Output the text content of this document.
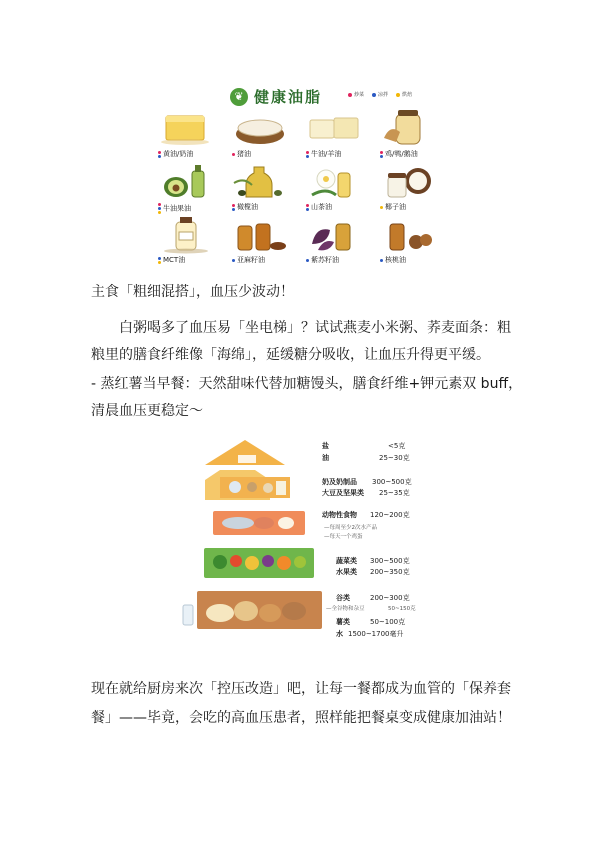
❦ 健康油脂	炒菜	凉拌	烘焙
黄油/奶油	猪油	牛油/羊油	鸡/鸭/鹅油
牛油果油	橄榄油	山茶油	椰子油
MCT油	亚麻籽油	紫苏籽油	核桃油
主食「粗细混搭」，血压少波动！
白粥喝多了血压易「坐电梯」？试试燕麦小米粥、荞麦面条：粗
粮里的膳食纤维像「海绵」，延缓糖分吸收，让血压升得更平缓。
- 蒸红薯当早餐：天然甜味代替加糖馒头，膳食纤维+钾元素双 buff，
清晨血压更稳定～
盐	<5克
油	25~30克
奶及奶制品 300~500克
大豆及坚果类 25~35克
动物性食物 120~200克
—每周至少2次水产品
—每天一个鸡蛋
蔬菜类 300~500克
水果类 200~350克
谷类	200~300克
—全谷物和杂豆	50~150克
薯类	50~100克
水 1500~1700毫升
现在就给厨房来次「控压改造」吧，让每一餐都成为血管的「保养套
餐」——毕竟，会吃的高血压患者，照样能把餐桌变成健康加油站！
